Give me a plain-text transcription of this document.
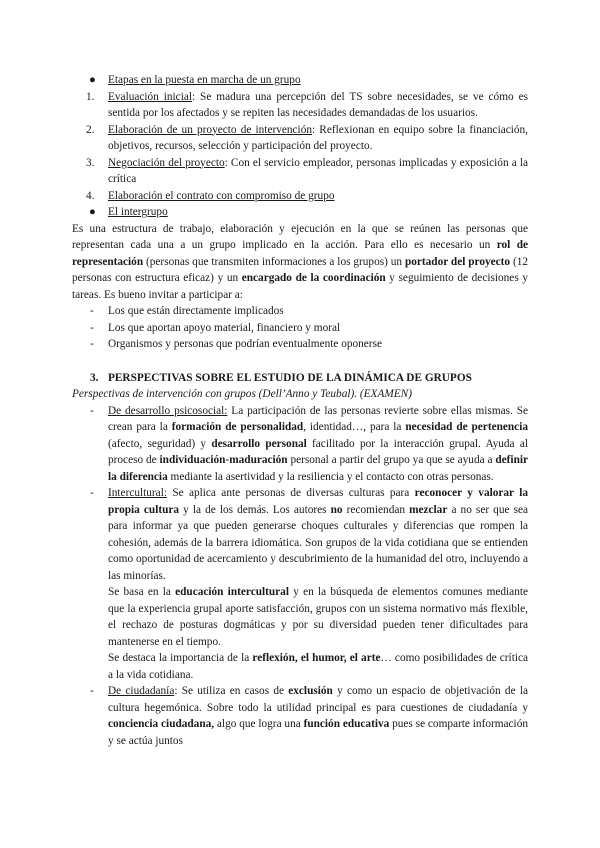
● Etapas en la puesta en marcha de un grupo
1. Evaluación inicial: Se madura una percepción del TS sobre necesidades, se ve cómo es sentida por los afectados y se repiten las necesidades demandadas de los usuarios.
2. Elaboración de un proyecto de intervención: Reflexionan en equipo sobre la financiación, objetivos, recursos, selección y participación del proyecto.
3. Negociación del proyecto: Con el servicio empleador, personas implicadas y exposición a la crítica
4. Elaboración el contrato con compromiso de grupo
● El intergrupo
Es una estructura de trabajo, elaboración y ejecución en la que se reúnen las personas que representan cada una a un grupo implicado en la acción. Para ello es necesario un rol de representación (personas que transmiten informaciones a los grupos) un portador del proyecto (12 personas con estructura eficaz) y un encargado de la coordinación y seguimiento de decisiones y tareas. Es bueno invitar a participar a:
- Los que están directamente implicados
- Los que aportan apoyo material, financiero y moral
- Organismos y personas que podrían eventualmente oponerse
3. PERSPECTIVAS SOBRE EL ESTUDIO DE LA DINÁMICA DE GRUPOS
Perspectivas de intervención con grupos (Dell’Anno y Teubal). (EXAMEN)
- De desarrollo psicosocial: La participación de las personas revierte sobre ellas mismas. Se crean para la formación de personalidad, identidad…, para la necesidad de pertenencia (afecto, seguridad) y desarrollo personal facilitado por la interacción grupal. Ayuda al proceso de individuación-maduración personal a partir del grupo ya que se ayuda a definir la diferencia mediante la asertividad y la resiliencia y el contacto con otras personas.
- Intercultural: Se aplica ante personas de diversas culturas para reconocer y valorar la propia cultura y la de los demás. Los autores no recomiendan mezclar a no ser que sea para informar ya que pueden generarse choques culturales y diferencias que rompen la cohesión, además de la barrera idiomática. Son grupos de la vida cotidiana que se entienden como oportunidad de acercamiento y descubrimiento de la humanidad del otro, incluyendo a las minorías.
Se basa en la educación intercultural y en la búsqueda de elementos comunes mediante que la experiencia grupal aporte satisfacción, grupos con un sistema normativo más flexible, el rechazo de posturas dogmáticas y por su diversidad pueden tener dificultades para mantenerse en el tiempo.
Se destaca la importancia de la reflexión, el humor, el arte… como posibilidades de crítica a la vida cotidiana.
- De ciudadanía: Se utiliza en casos de exclusión y como un espacio de objetivación de la cultura hegemónica. Sobre todo la utilidad principal es para cuestiones de ciudadanía y conciencia ciudadana, algo que logra una función educativa pues se comparte información y se actúa juntos
